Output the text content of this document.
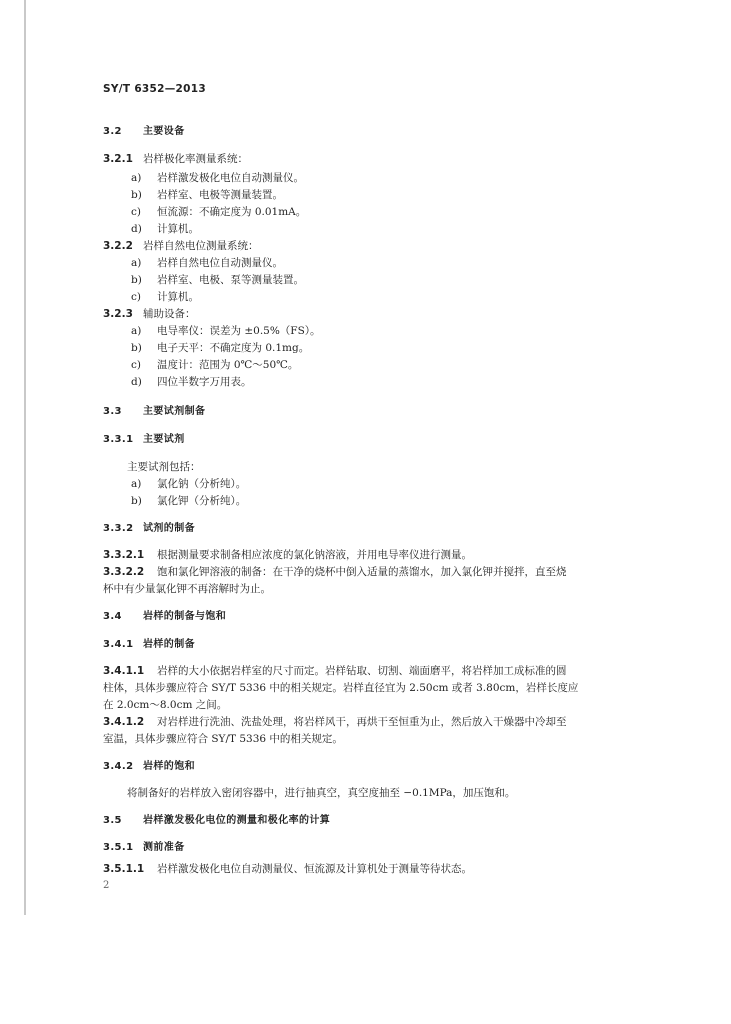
SY/T 6352—2013
3.2 主要设备
3.2.1 岩样极化率测量系统：
a) 岩样激发极化电位自动测量仪。
b) 岩样室、电极等测量装置。
c) 恒流源：不确定度为 0.01mA。
d) 计算机。
3.2.2 岩样自然电位测量系统：
a) 岩样自然电位自动测量仪。
b) 岩样室、电极、泵等测量装置。
c) 计算机。
3.2.3 辅助设备：
a) 电导率仪：误差为 ±0.5%（FS）。
b) 电子天平：不确定度为 0.1mg。
c) 温度计：范围为 0℃～50℃。
d) 四位半数字万用表。
3.3 主要试剂制备
3.3.1 主要试剂
主要试剂包括：
a) 氯化钠（分析纯）。
b) 氯化钾（分析纯）。
3.3.2 试剂的制备
3.3.2.1 根据测量要求制备相应浓度的氯化钠溶液，并用电导率仪进行测量。
3.3.2.2 饱和氯化钾溶液的制备：在干净的烧杯中倒入适量的蒸馏水，加入氯化钾并搅拌，直至烧
杯中有少量氯化钾不再溶解时为止。
3.4 岩样的制备与饱和
3.4.1 岩样的制备
3.4.1.1 岩样的大小依据岩样室的尺寸而定。岩样钻取、切割、端面磨平，将岩样加工成标准的圆
柱体，具体步骤应符合 SY/T 5336 中的相关规定。岩样直径宜为 2.50cm 或者 3.80cm，岩样长度应
在 2.0cm～8.0cm 之间。
3.4.1.2 对岩样进行洗油、洗盐处理，将岩样风干，再烘干至恒重为止，然后放入干燥器中冷却至
室温，具体步骤应符合 SY/T 5336 中的相关规定。
3.4.2 岩样的饱和
将制备好的岩样放入密闭容器中，进行抽真空，真空度抽至 −0.1MPa，加压饱和。
3.5 岩样激发极化电位的测量和极化率的计算
3.5.1 测前准备
3.5.1.1 岩样激发极化电位自动测量仪、恒流源及计算机处于测量等待状态。
2
